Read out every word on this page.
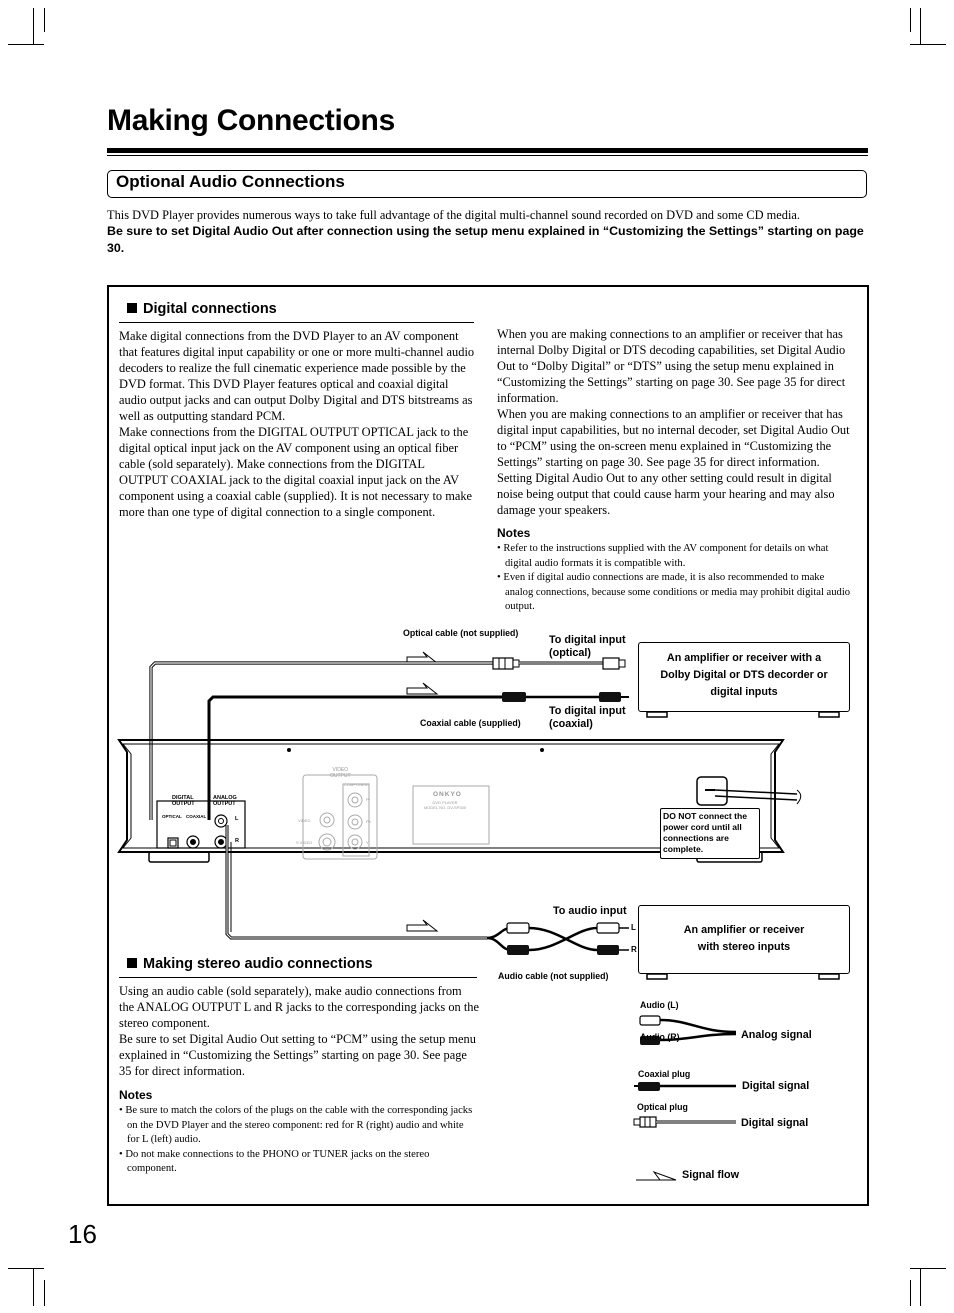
Making Connections
Optional Audio Connections
This DVD Player provides numerous ways to take full advantage of the digital multi-channel sound recorded on DVD and some CD media.
Be sure to set Digital Audio Out after connection using the setup menu explained in “Customizing the Settings” starting on page 30.
Digital connections
Make digital connections from the DVD Player to an AV component that features digital input capability or one or more multi-channel audio decoders to realize the full cinematic experience made possible by the DVD format. This DVD Player features optical and coaxial digital audio output jacks and can output Dolby Digital and DTS bitstreams as well as outputting standard PCM.
Make connections from the DIGITAL OUTPUT OPTICAL jack to the digital optical input jack on the AV component using an optical fiber cable (sold separately). Make connections from the DIGITAL OUTPUT COAXIAL jack to the digital coaxial input jack on the AV component using a coaxial cable (supplied). It is not necessary to make more than one type of digital connection to a single component.
When you are making connections to an amplifier or receiver that has internal Dolby Digital or DTS decoding capabilities, set Digital Audio Out to “Dolby Digital” or “DTS” using the setup menu explained in “Customizing the Settings” starting on page 30. See page 35 for direct information.
When you are making connections to an amplifier or receiver that has digital input capabilities, but no internal decoder, set Digital Audio Out to “PCM” using the on-screen menu explained in “Customizing the Settings” starting on page 30. See page 35 for direct information. Setting Digital Audio Out to any other setting could result in digital noise being output that could cause harm your hearing and may also damage your speakers.
Notes
• Refer to the instructions supplied with the AV component for details on what digital audio formats it is compatible with.
• Even if digital audio connections are made, it is also recommended to make analog connections, because some conditions or media may prohibit digital audio output.
Optical cable (not supplied)
To digital input
(optical)
Coaxial cable (supplied)
To digital input
(coaxial)
An amplifier or receiver with a
Dolby Digital or DTS decorder or
digital inputs
DIGITAL
OUTPUT
ANALOG
OUTPUT
OPTICAL COAXIAL	L
R
VIDEO
OUTPUT
COMPONENT
VIDEO
S VIDEO
Pr
Pb
Y
ONKYO
DVD PLAYER
MODEL NO. DV-SP300
DO NOT connect the power cord until all connections are complete.
To audio input
L
R
Audio cable (not supplied)
An amplifier or receiver
with stereo inputs
Making stereo audio connections
Using an audio cable (sold separately), make audio connections from the ANALOG OUTPUT L and R jacks to the corresponding jacks on the stereo component.
Be sure to set Digital Audio Out setting to “PCM” using the setup menu explained in “Customizing the Settings” starting on page 30. See page 35 for direct information.
Notes
• Be sure to match the colors of the plugs on the cable with the corresponding jacks on the DVD Player and the stereo component: red for R (right) audio and white for L (left) audio.
• Do not make connections to the PHONO or TUNER jacks on the stereo component.
Audio (L)
Audio (R)	Analog signal
Coaxial plug
Digital signal
Optical plug
Digital signal
Signal flow
16
